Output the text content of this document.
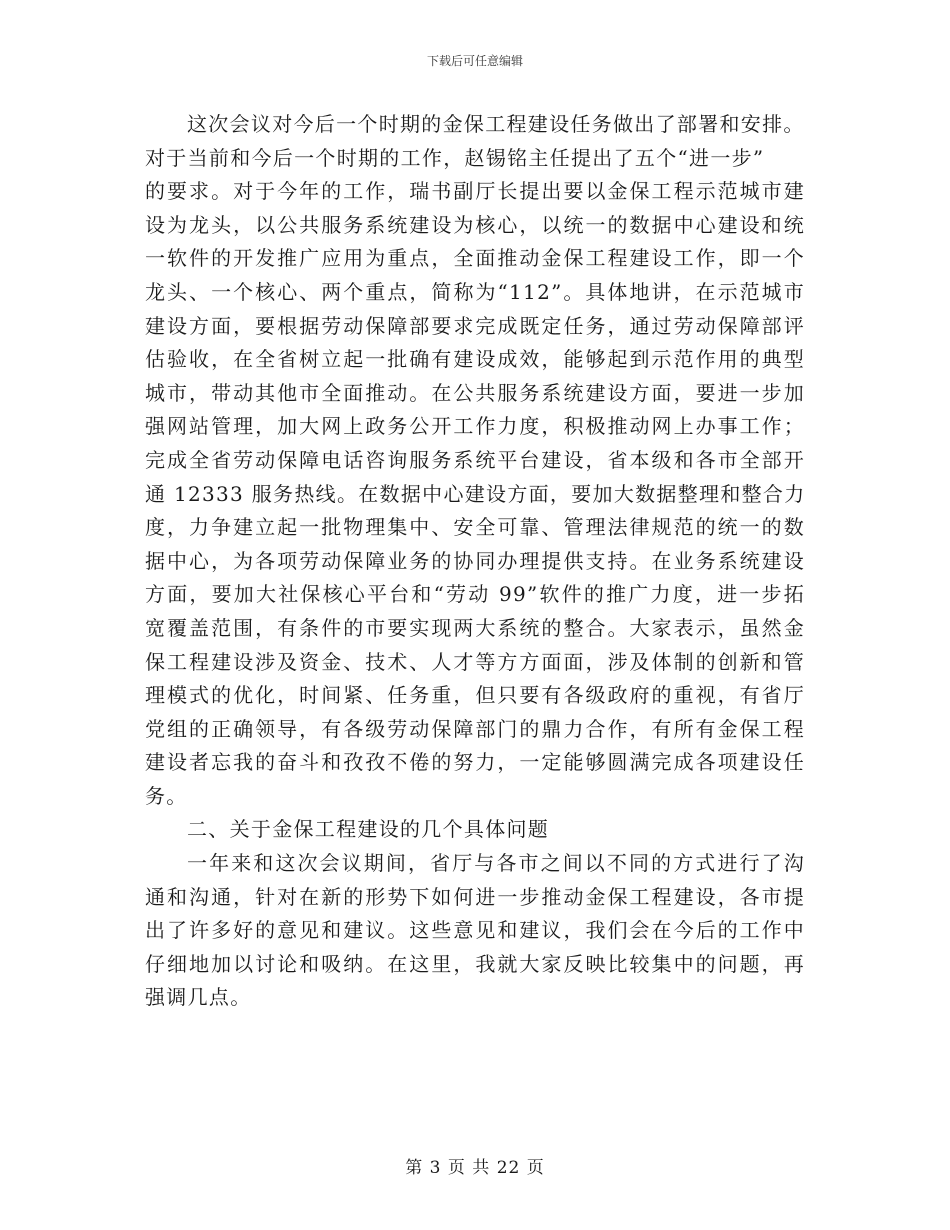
下载后可任意编辑
这次会议对今后一个时期的金保工程建设任务做出了部署和安排。
对于当前和今后一个时期的工作，赵锡铭主任提出了五个“进一步”
的要求。对于今年的工作，瑞书副厅长提出要以金保工程示范城市建
设为龙头，以公共服务系统建设为核心，以统一的数据中心建设和统
一软件的开发推广应用为重点，全面推动金保工程建设工作，即一个
龙头、一个核心、两个重点，简称为“112”。具体地讲，在示范城市
建设方面，要根据劳动保障部要求完成既定任务，通过劳动保障部评
估验收，在全省树立起一批确有建设成效，能够起到示范作用的典型
城市，带动其他市全面推动。在公共服务系统建设方面，要进一步加
强网站管理，加大网上政务公开工作力度，积极推动网上办事工作；
完成全省劳动保障电话咨询服务系统平台建设，省本级和各市全部开
通 12333 服务热线。在数据中心建设方面，要加大数据整理和整合力
度，力争建立起一批物理集中、安全可靠、管理法律规范的统一的数
据中心，为各项劳动保障业务的协同办理提供支持。在业务系统建设
方面，要加大社保核心平台和“劳动 99”软件的推广力度，进一步拓
宽覆盖范围，有条件的市要实现两大系统的整合。大家表示，虽然金
保工程建设涉及资金、技术、人才等方方面面，涉及体制的创新和管
理模式的优化，时间紧、任务重，但只要有各级政府的重视，有省厅
党组的正确领导，有各级劳动保障部门的鼎力合作，有所有金保工程
建设者忘我的奋斗和孜孜不倦的努力，一定能够圆满完成各项建设任
务。
二、关于金保工程建设的几个具体问题
一年来和这次会议期间，省厅与各市之间以不同的方式进行了沟
通和沟通，针对在新的形势下如何进一步推动金保工程建设，各市提
出了许多好的意见和建议。这些意见和建议，我们会在今后的工作中
仔细地加以讨论和吸纳。在这里，我就大家反映比较集中的问题，再
强调几点。
第 3 页 共 22 页
